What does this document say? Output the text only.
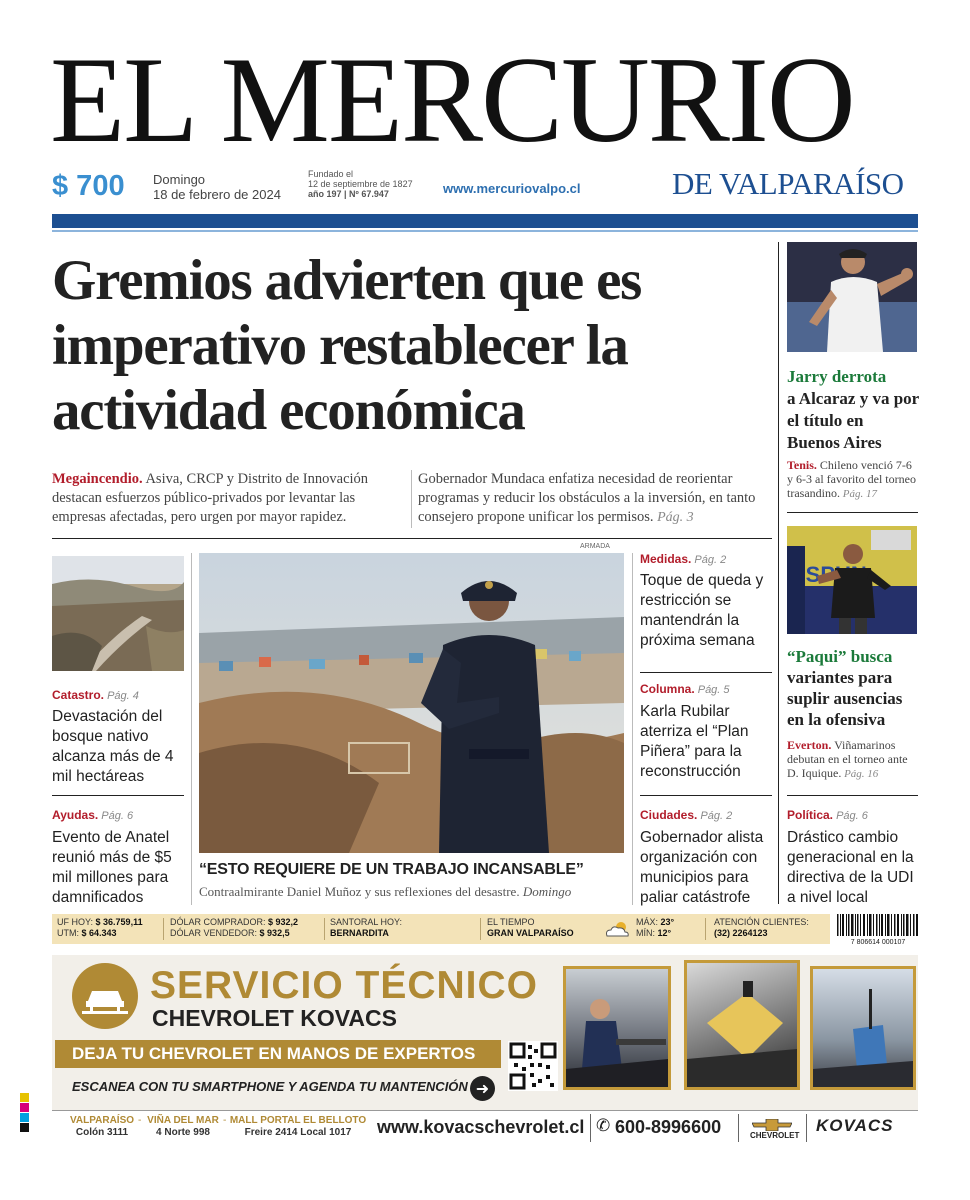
EL MERCURIO
$ 700 Domingo
18 de febrero de 2024
Fundado el
12 de septiembre de 1827
año 197 | Nº 67.947	www.mercuriovalpo.cl	DE VALPARAÍSO
Gremios advierten que es imperativo restablecer la actividad económica
Megaincendio. Asiva, CRCP y Distrito de Innovación destacan esfuerzos público-privados por levantar las empresas afectadas, pero urgen por mayor rapidez.
Gobernador Mundaca enfatiza necesidad de reorientar programas y reducir los obstáculos a la inversión, en tanto consejero propone unificar los permisos. Pág. 3
Jarry derrota
a Alcaraz y va por el título en Buenos Aires
Tenis. Chileno venció 7-6 y 6-3 al favorito del torneo trasandino. Pág. 17
“Paqui” busca
variantes para suplir ausencias en la ofensiva
Everton. Viñamarinos debutan en el torneo ante D. Iquique. Pág. 16
Política. Pág. 6
Drástico cambio generacional en la directiva de la UDI a nivel local
Catastro. Pág. 4
Devastación del bosque nativo alcanza más de 4 mil hectáreas
Ayudas. Pág. 6
Evento de Anatel reunió más de $5 mil millones para damnificados
ARMADA
“ESTO REQUIERE DE UN TRABAJO INCANSABLE”
Contraalmirante Daniel Muñoz y sus reflexiones del desastre. Domingo
Medidas. Pág. 2
Toque de queda y restricción se mantendrán la próxima semana
Columna. Pág. 5
Karla Rubilar aterriza el “Plan Piñera” para la reconstrucción
Ciudades. Pág. 2
Gobernador alista organización con municipios para paliar catástrofe
UF HOY: $ 36.759,11
UTM: $ 64.343
DÓLAR COMPRADOR: $ 932,2
DÓLAR VENDEDOR: $ 932,5
SANTORAL HOY:
BERNARDITA
EL TIEMPO
GRAN VALPARAÍSO
MÁX: 23°
MÍN: 12°
ATENCIÓN CLIENTES:
(32) 2264123
7 806614 000107
SERVICIO TÉCNICO
CHEVROLET KOVACS
DEJA TU CHEVROLET EN MANOS DE EXPERTOS
ESCANEA CON TU SMARTPHONE Y AGENDA TU MANTENCIÓN ➜
VALPARAÍSO
Colón 3111
- VIÑA DEL MAR
4 Norte 998
- MALL PORTAL EL BELLOTO
Freire 2414 Local 1017	www.kovacschevrolet.cl ✆ 600-8996600	CHEVROLET
KOVACS
